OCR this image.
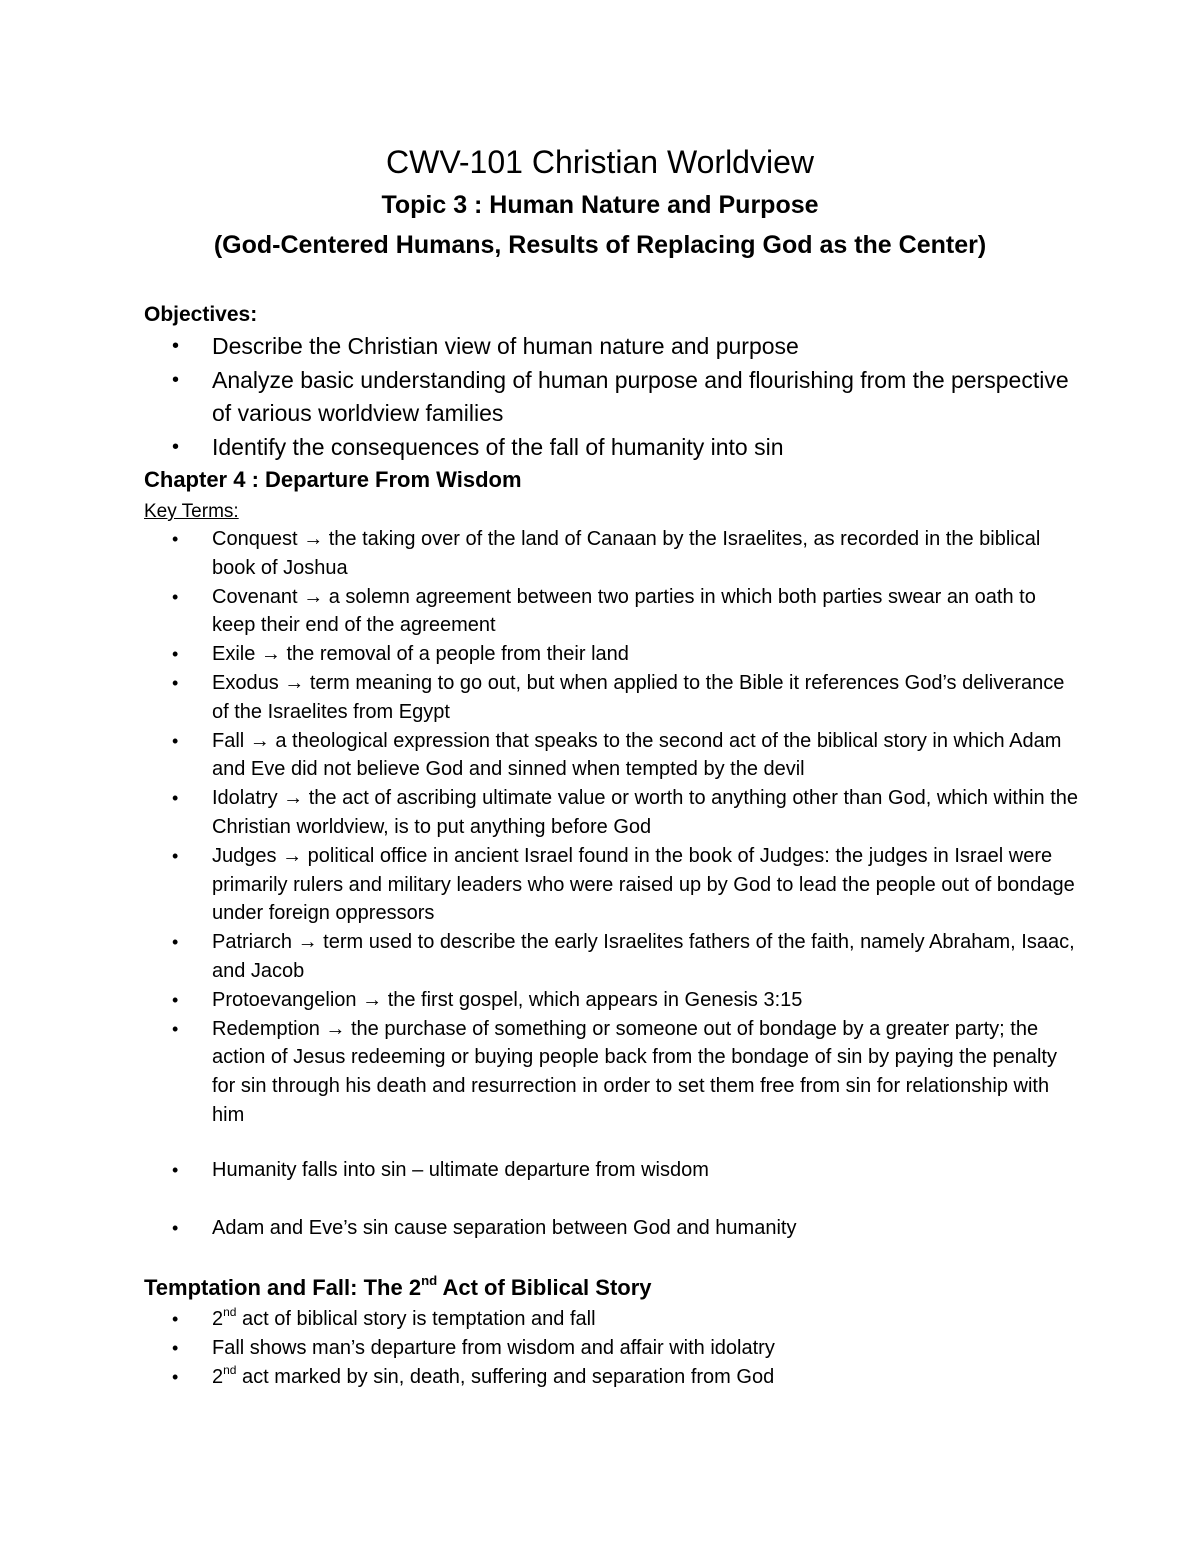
CWV-101 Christian Worldview
Topic 3 : Human Nature and Purpose
(God-Centered Humans, Results of Replacing God as the Center)
Objectives:
• Describe the Christian view of human nature and purpose
• Analyze basic understanding of human purpose and flourishing from the perspective of various worldview families
• Identify the consequences of the fall of humanity into sin
Chapter 4 : Departure From Wisdom
Key Terms:
• Conquest → the taking over of the land of Canaan by the Israelites, as recorded in the biblical book of Joshua
• Covenant → a solemn agreement between two parties in which both parties swear an oath to keep their end of the agreement
• Exile → the removal of a people from their land
• Exodus → term meaning to go out, but when applied to the Bible it references God’s deliverance of the Israelites from Egypt
• Fall → a theological expression that speaks to the second act of the biblical story in which Adam and Eve did not believe God and sinned when tempted by the devil
• Idolatry → the act of ascribing ultimate value or worth to anything other than God, which within the Christian worldview, is to put anything before God
• Judges → political office in ancient Israel found in the book of Judges: the judges in Israel were primarily rulers and military leaders who were raised up by God to lead the people out of bondage under foreign oppressors
• Patriarch → term used to describe the early Israelites fathers of the faith, namely Abraham, Isaac, and Jacob
• Protoevangelion → the first gospel, which appears in Genesis 3:15
• Redemption → the purchase of something or someone out of bondage by a greater party; the action of Jesus redeeming or buying people back from the bondage of sin by paying the penalty for sin through his death and resurrection in order to set them free from sin for relationship with him
• Humanity falls into sin – ultimate departure from wisdom
• Adam and Eve’s sin cause separation between God and humanity
Temptation and Fall: The 2nd Act of Biblical Story
• 2nd act of biblical story is temptation and fall
• Fall shows man’s departure from wisdom and affair with idolatry
• 2nd act marked by sin, death, suffering and separation from God
